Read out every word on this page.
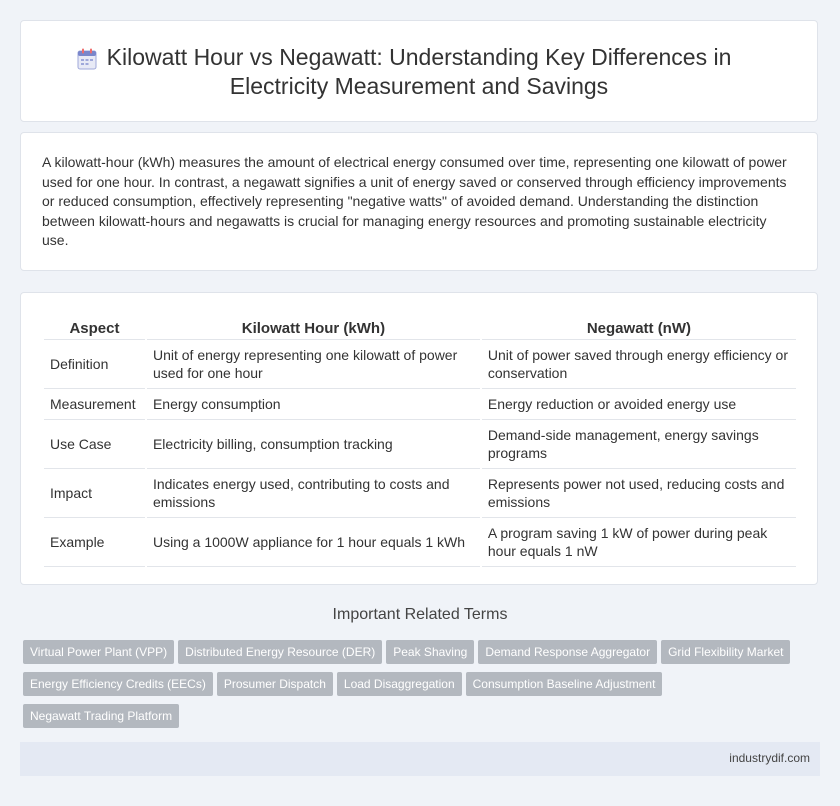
Kilowatt Hour vs Negawatt: Understanding Key Differences in Electricity Measurement and Savings

A kilowatt-hour (kWh) measures the amount of electrical energy consumed over time, representing one kilowatt of power used for one hour. In contrast, a negawatt signifies a unit of energy saved or conserved through efficiency improvements or reduced consumption, effectively representing "negative watts" of avoided demand. Understanding the distinction between kilowatt-hours and negawatts is crucial for managing energy resources and promoting sustainable electricity use.

Aspect	Kilowatt Hour (kWh)	Negawatt (nW)
Definition	Unit of energy representing one kilowatt of power used for one hour	Unit of power saved through energy efficiency or conservation
Measurement	Energy consumption	Energy reduction or avoided energy use
Use Case	Electricity billing, consumption tracking	Demand-side management, energy savings programs
Impact	Indicates energy used, contributing to costs and emissions	Represents power not used, reducing costs and emissions
Example	Using a 1000W appliance for 1 hour equals 1 kWh	A program saving 1 kW of power during peak hour equals 1 nW
Important Related Terms
Virtual Power Plant (VPP) Distributed Energy Resource (DER) Peak Shaving Demand Response Aggregator Grid Flexibility Market
Energy Efficiency Credits (EECs) Prosumer Dispatch Load Disaggregation Consumption Baseline Adjustment
Negawatt Trading Platform
industrydif.com
